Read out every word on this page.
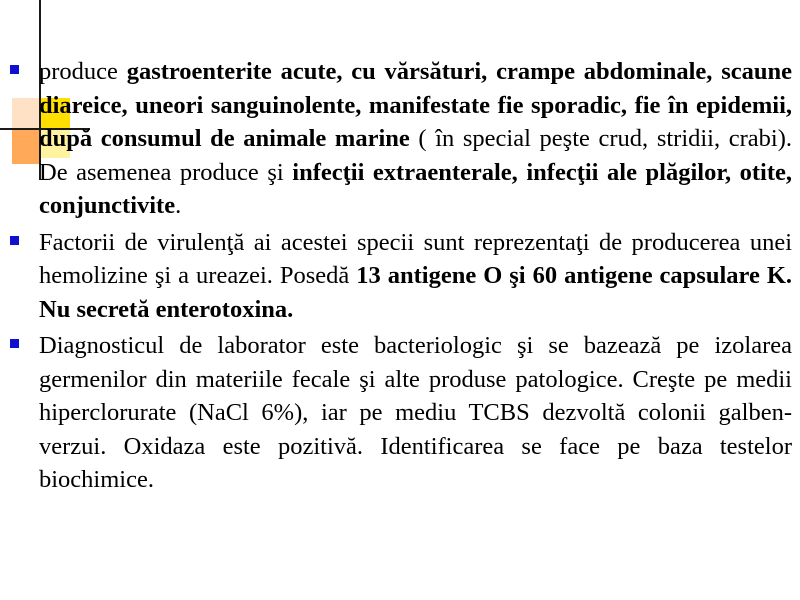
produce gastroenterite acute, cu vărsături, crampe abdominale, scaune diareice, uneori sanguinolente, manifestate fie sporadic, fie în epidemii, după consumul de animale marine ( în special peşte crud, stridii, crabi). De asemenea produce şi infecţii extraenterale, infecţii ale plăgilor, otite, conjunctivite.

Factorii de virulenţă ai acestei specii sunt reprezentaţi de producerea unei hemolizine şi a ureazei. Posedă 13 antigene O şi 60 antigene capsulare K. Nu secretă enterotoxina.

Diagnosticul de laborator este bacteriologic şi se bazează pe izolarea germenilor din materiile fecale şi alte produse patologice. Creşte pe medii hiperclorurate (NaCl 6%), iar pe mediu TCBS dezvoltă colonii galben-verzui. Oxidaza este pozitivă. Identificarea se face pe baza testelor biochimice.
